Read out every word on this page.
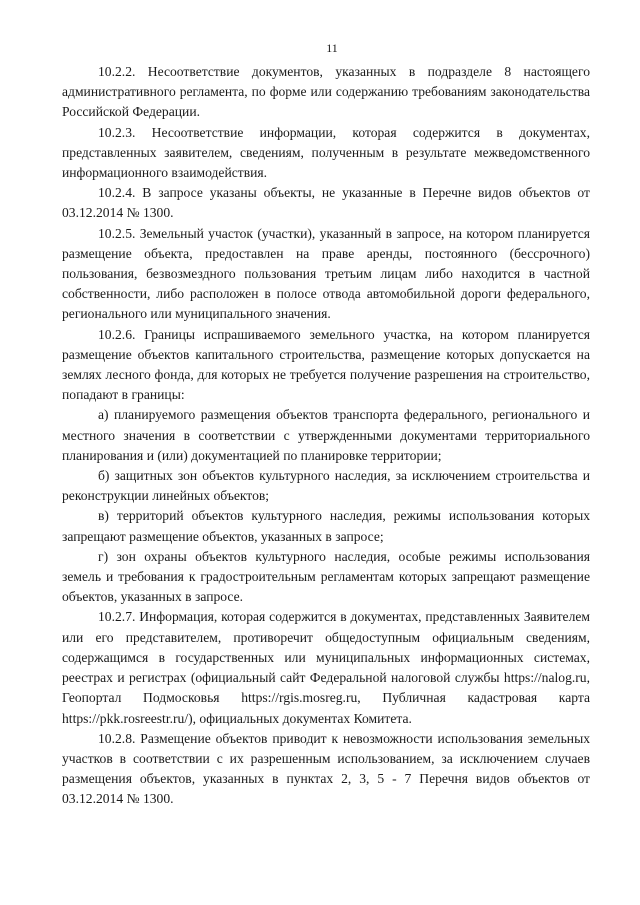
11

10.2.2. Несоответствие документов, указанных в подразделе 8 настоящего административного регламента, по форме или содержанию требованиям законодательства Российской Федерации.

10.2.3. Несоответствие информации, которая содержится в документах, представленных заявителем, сведениям, полученным в результате межведомственного информационного взаимодействия.

10.2.4. В запросе указаны объекты, не указанные в Перечне видов объектов от 03.12.2014 № 1300.

10.2.5. Земельный участок (участки), указанный в запросе, на котором планируется размещение объекта, предоставлен на праве аренды, постоянного (бессрочного) пользования, безвозмездного пользования третьим лицам либо находится в частной собственности, либо расположен в полосе отвода автомобильной дороги федерального, регионального или муниципального значения.

10.2.6. Границы испрашиваемого земельного участка, на котором планируется размещение объектов капитального строительства, размещение которых допускается на землях лесного фонда, для которых не требуется получение разрешения на строительство, попадают в границы:

а) планируемого размещения объектов транспорта федерального, регионального и местного значения в соответствии с утвержденными документами территориального планирования и (или) документацией по планировке территории;

б) защитных зон объектов культурного наследия, за исключением строительства и реконструкции линейных объектов;

в) территорий объектов культурного наследия, режимы использования которых запрещают размещение объектов, указанных в запросе;

г) зон охраны объектов культурного наследия, особые режимы использования земель и требования к градостроительным регламентам которых запрещают размещение объектов, указанных в запросе.

10.2.7. Информация, которая содержится в документах, представленных Заявителем или его представителем, противоречит общедоступным официальным сведениям, содержащимся в государственных или муниципальных информационных системах, реестрах и регистрах (официальный сайт Федеральной налоговой службы https://nalog.ru, Геопортал Подмосковья https://rgis.mosreg.ru, Публичная кадастровая карта https://pkk.rosreestr.ru/), официальных документах Комитета.

10.2.8. Размещение объектов приводит к невозможности использования земельных участков в соответствии с их разрешенным использованием, за исключением случаев размещения объектов, указанных в пунктах 2, 3, 5 - 7 Перечня видов объектов от 03.12.2014 № 1300.
